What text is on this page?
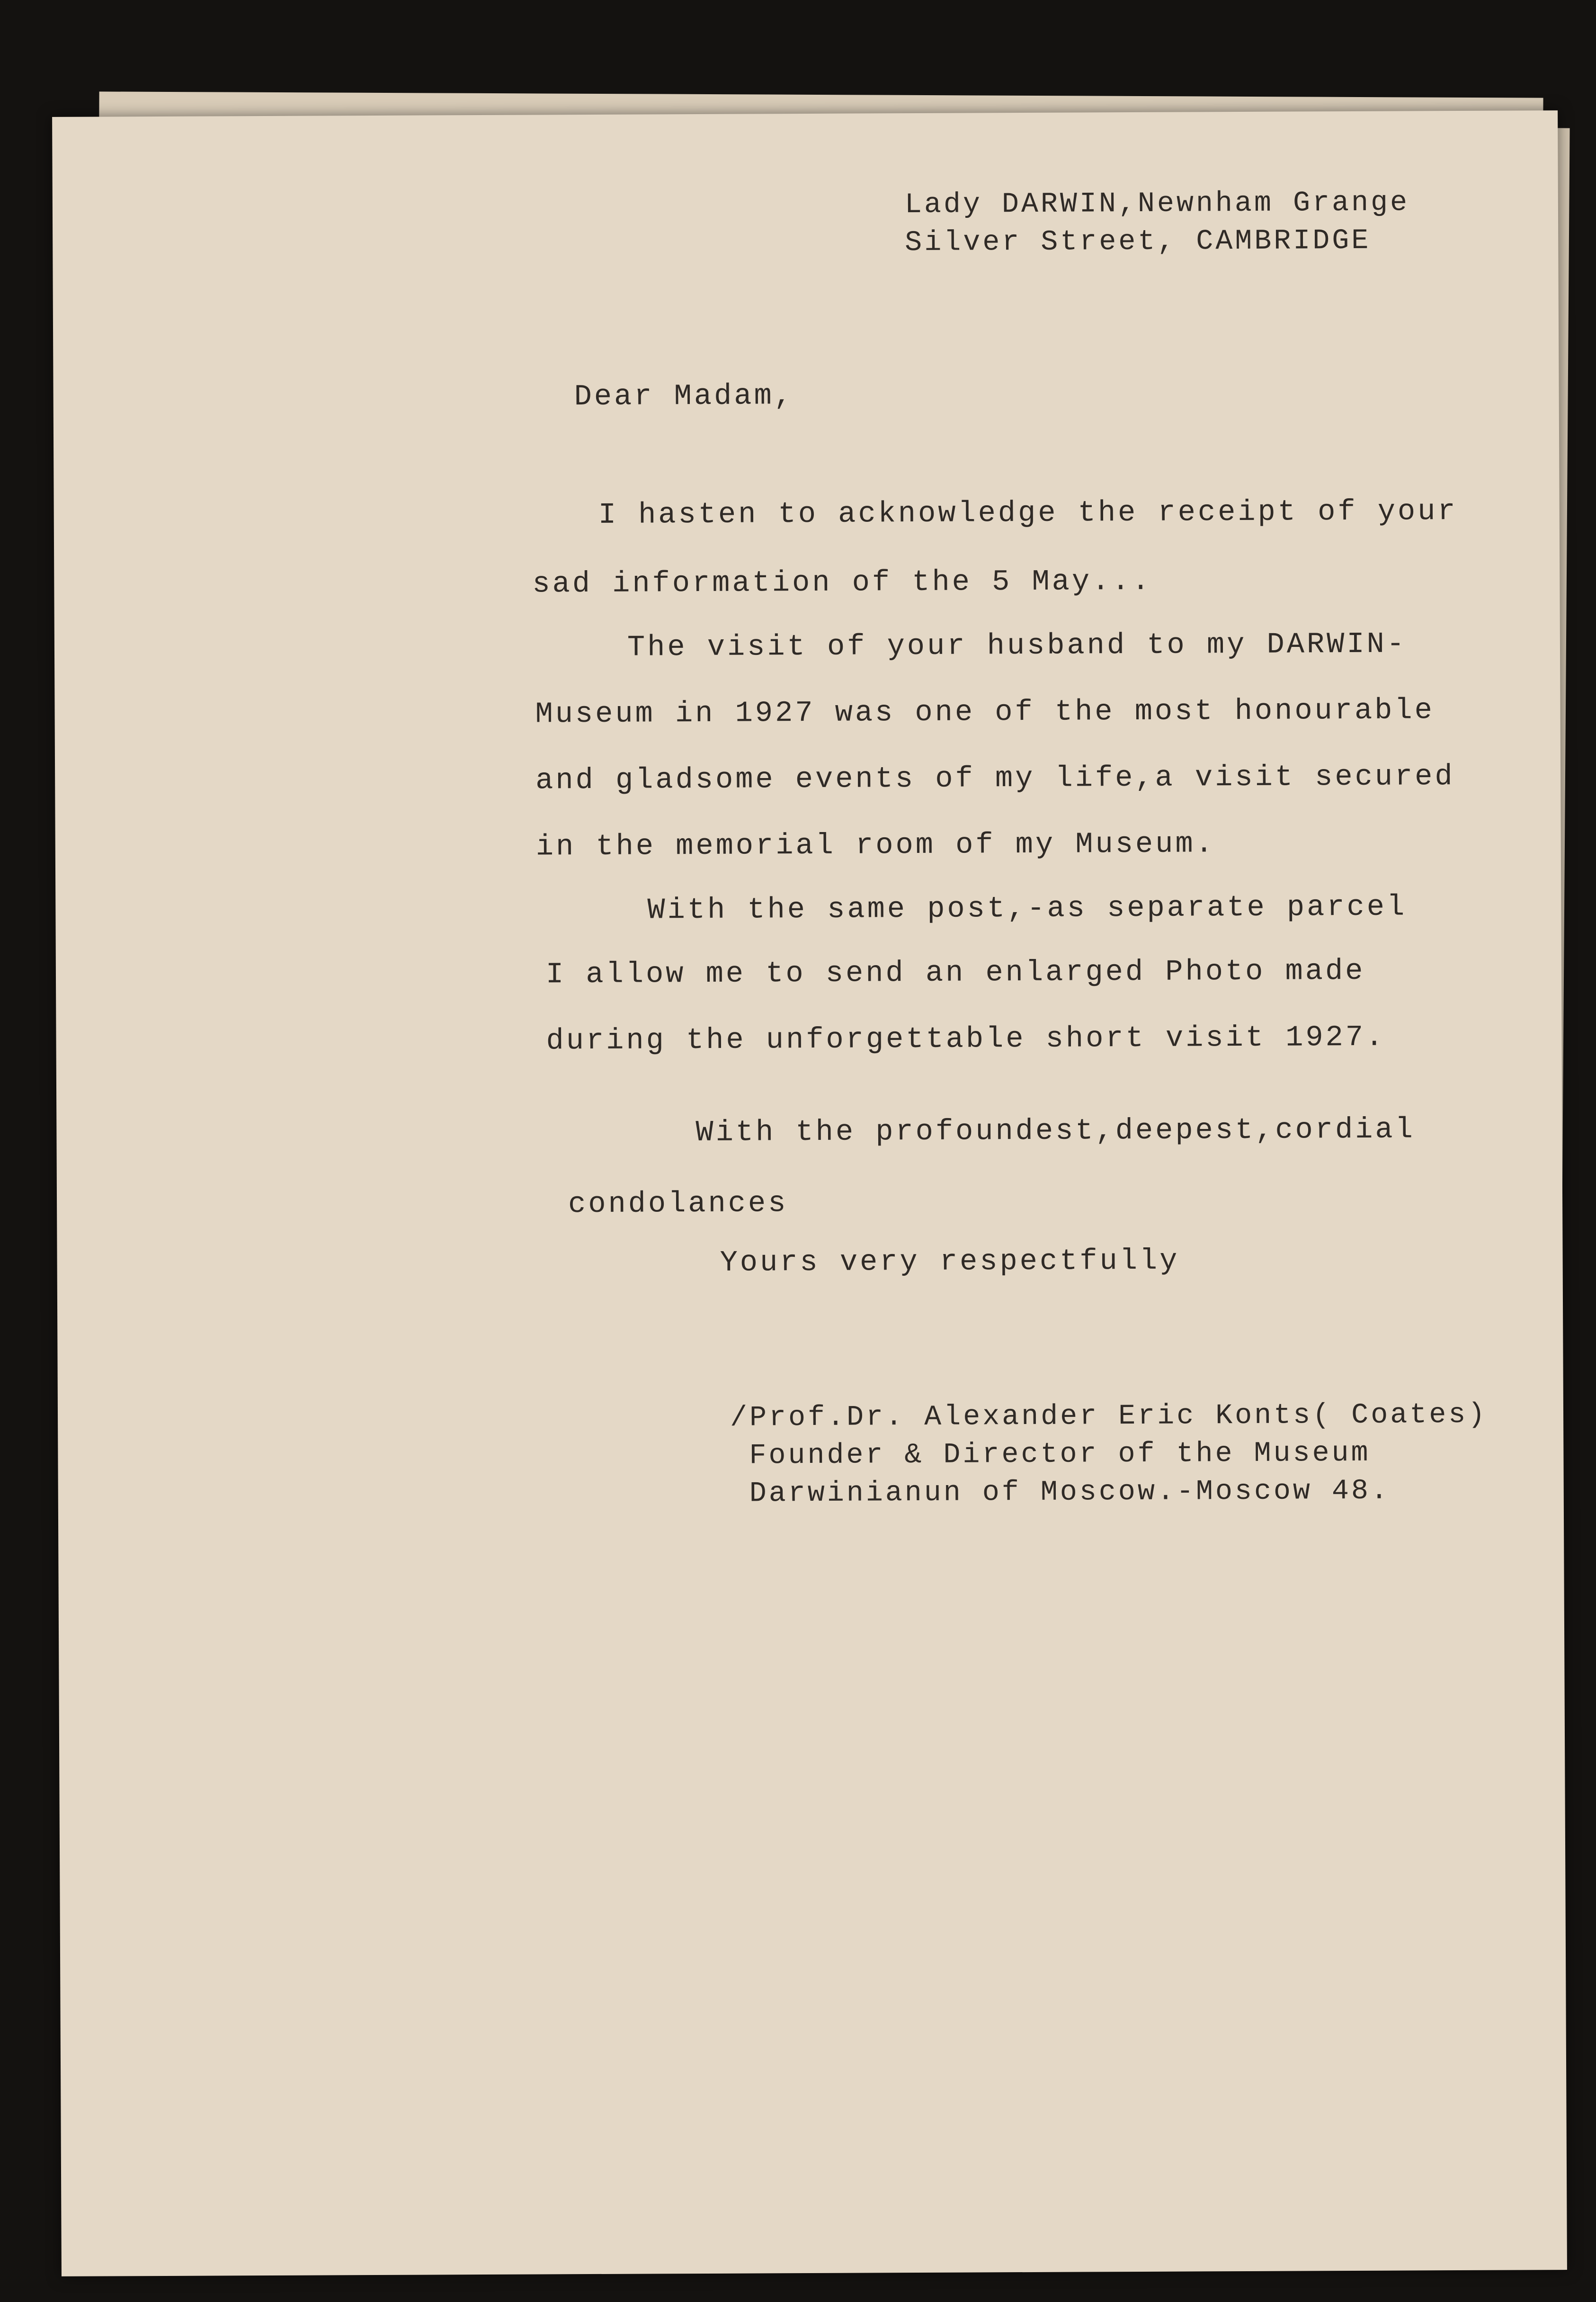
Lady DARWIN,Newnham Grange
Silver Street, CAMBRIDGE
Dear Madam,
I hasten to acknowledge the receipt of your
sad information of the 5 May...
The visit of your husband to my DARWIN-
Museum in 1927 was one of the most honourable
and gladsome events of my life,a visit secured
in the memorial room of my Museum.
With the same post,-as separate parcel
I allow me to send an enlarged Photo made
during the unforgettable short visit 1927.
With the profoundest,deepest,cordial
condolances
Yours very respectfully
/Prof.Dr. Alexander Eric Konts( Coates)
Founder & Director of the Museum
Darwinianun of Moscow.-Moscow 48.
